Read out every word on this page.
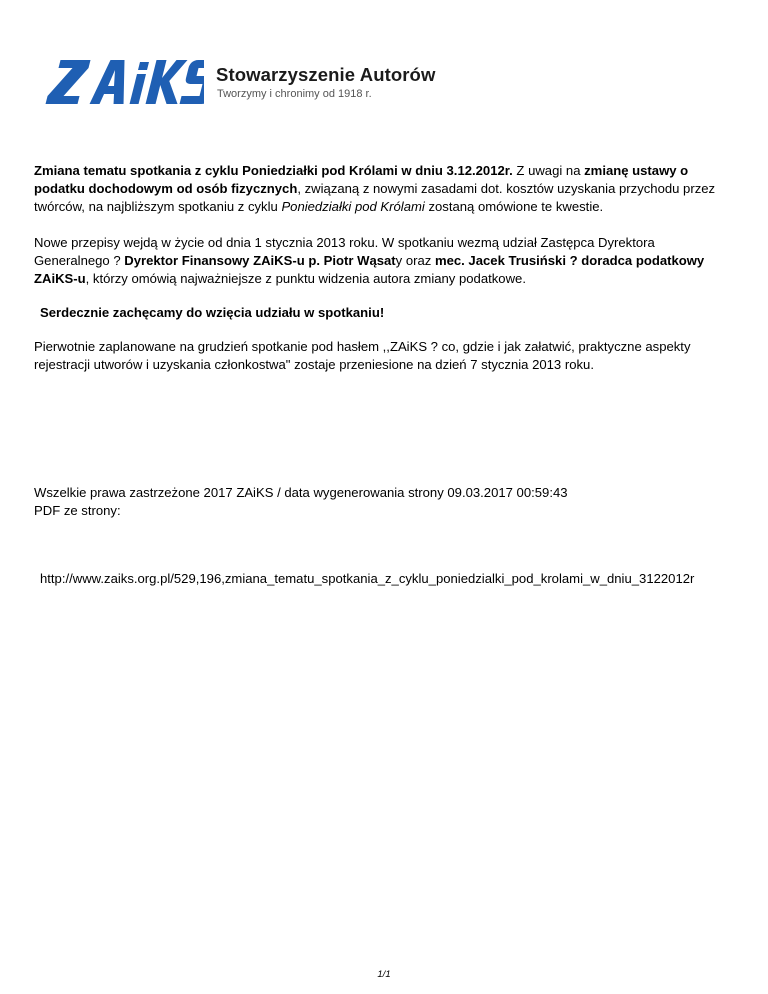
Stowarzyszenie Autorów
Tworzymy i chronimy od 1918 r.

Zmiana tematu spotkania z cyklu Poniedziałki pod Królami w dniu 3.12.2012r. Z uwagi na zmianę ustawy o podatku dochodowym od osób fizycznych, związaną z nowymi zasadami dot. kosztów uzyskania przychodu przez twórców, na najbliższym spotkaniu z cyklu Poniedziałki pod Królami zostaną omówione te kwestie.

Nowe przepisy wejdą w życie od dnia 1 stycznia 2013 roku. W spotkaniu wezmą udział Zastępca Dyrektora Generalnego ? Dyrektor Finansowy ZAiKS-u p. Piotr Wąsaty oraz mec. Jacek Trusiński ? doradca podatkowy ZAiKS-u, którzy omówią najważniejsze z punktu widzenia autora zmiany podatkowe.

Serdecznie zachęcamy do wzięcia udziału w spotkaniu!

Pierwotnie zaplanowane na grudzień spotkanie pod hasłem ,,ZAiKS ? co, gdzie i jak załatwić, praktyczne aspekty rejestracji utworów i uzyskania członkostwa" zostaje przeniesione na dzień 7 stycznia 2013 roku.

Wszelkie prawa zastrzeżone 2017 ZAiKS / data wygenerowania strony 09.03.2017 00:59:43
PDF ze strony:
http://www.zaiks.org.pl/529,196,zmiana_tematu_spotkania_z_cyklu_poniedzialki_pod_krolami_w_dniu_3122012r
1/1
